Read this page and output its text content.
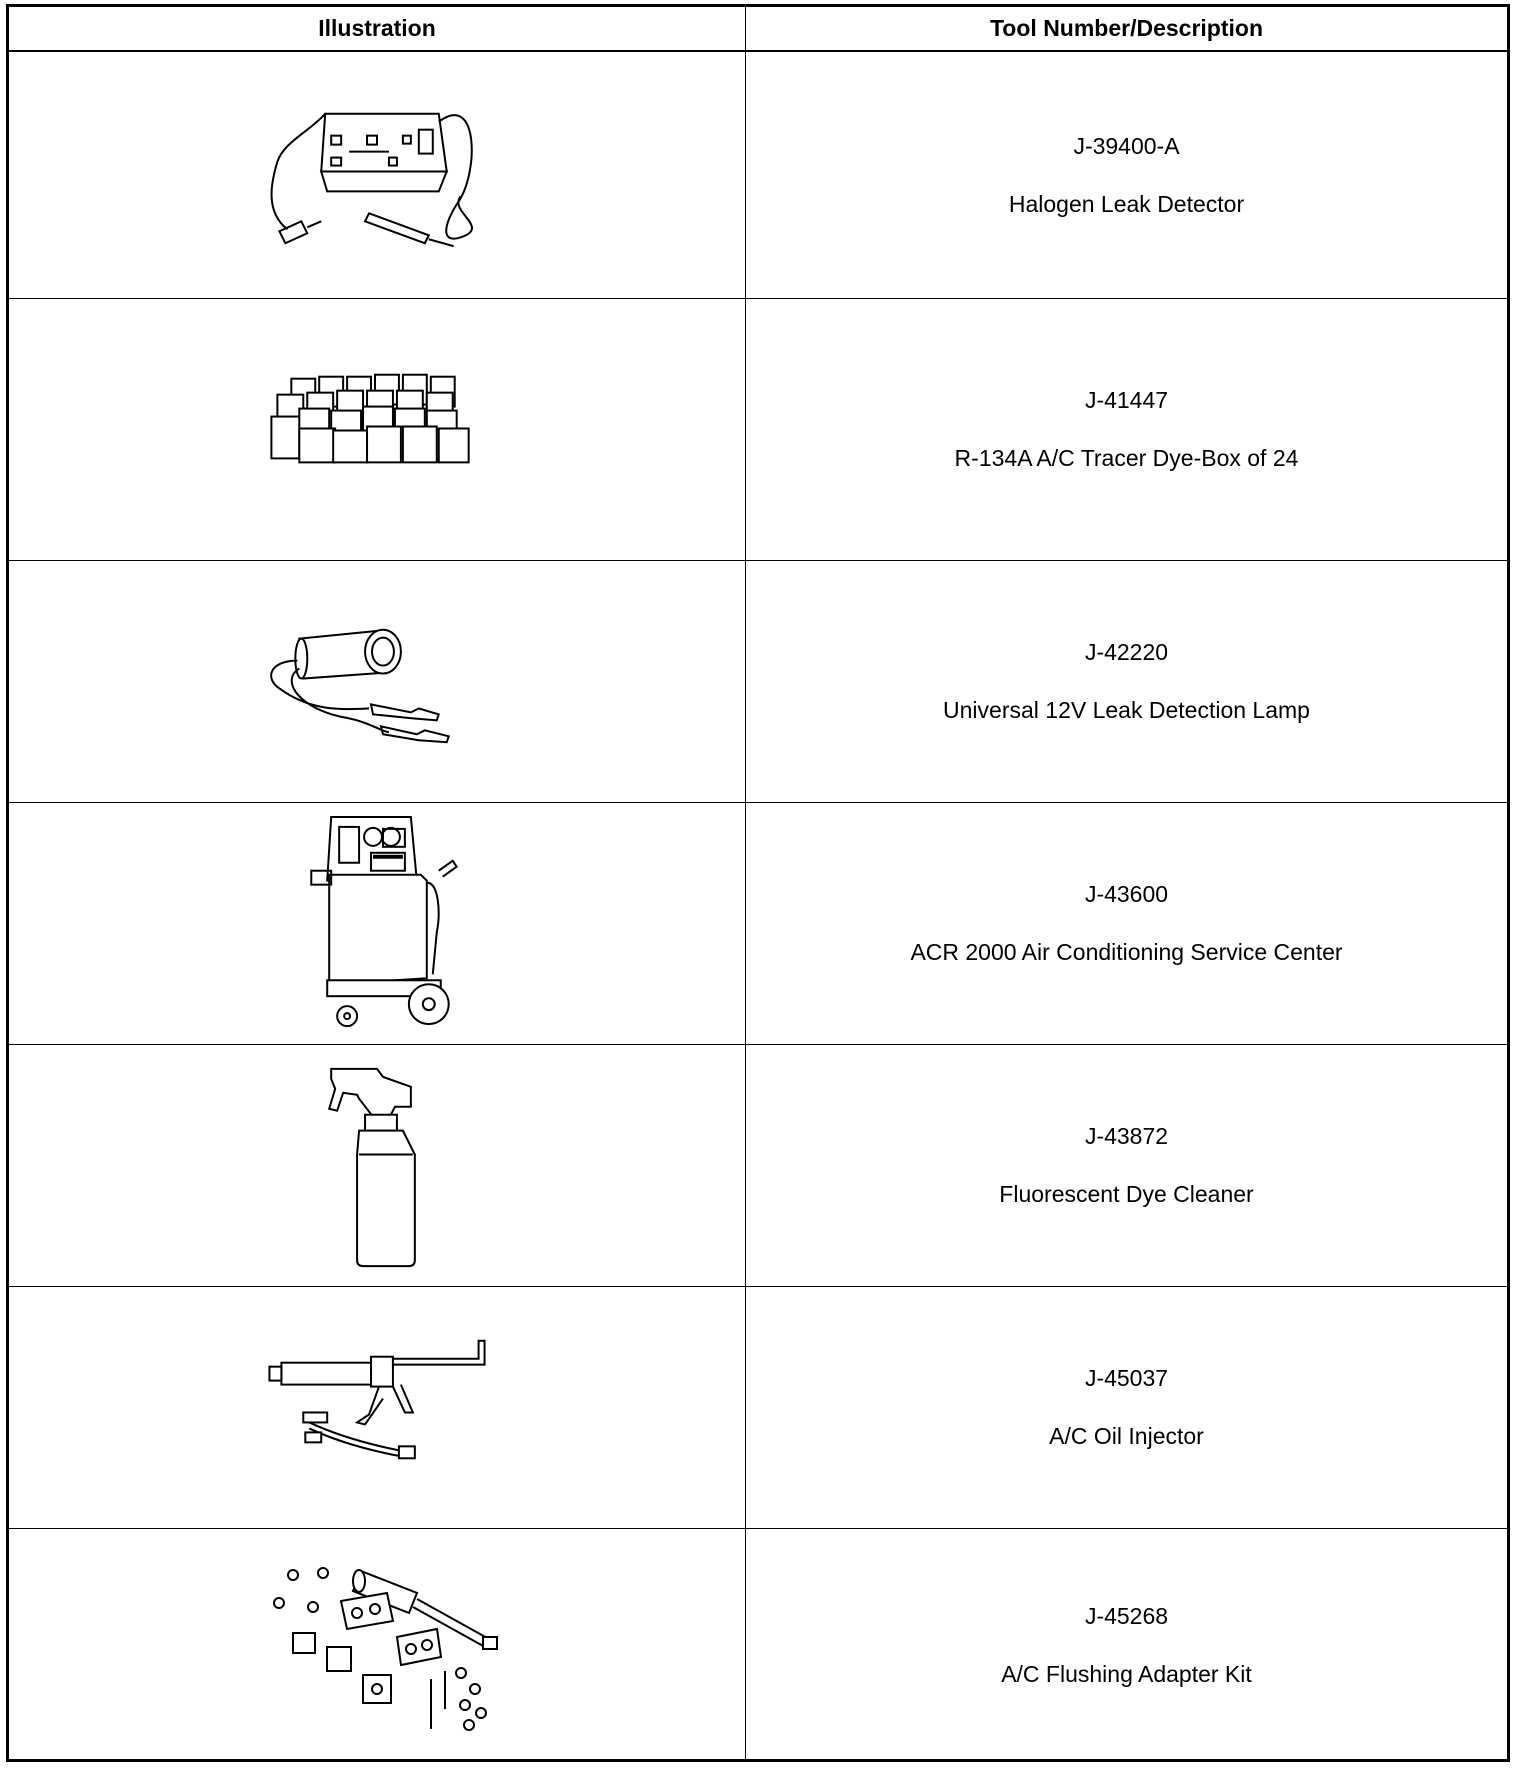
Illustration	Tool Number/Description
J-39400-A
Halogen Leak Detector
J-41447
R-134A A/C Tracer Dye-Box of 24
J-42220
Universal 12V Leak Detection Lamp
J-43600
ACR 2000 Air Conditioning Service Center
J-43872
Fluorescent Dye Cleaner
J-45037
A/C Oil Injector
J-45268
A/C Flushing Adapter Kit
